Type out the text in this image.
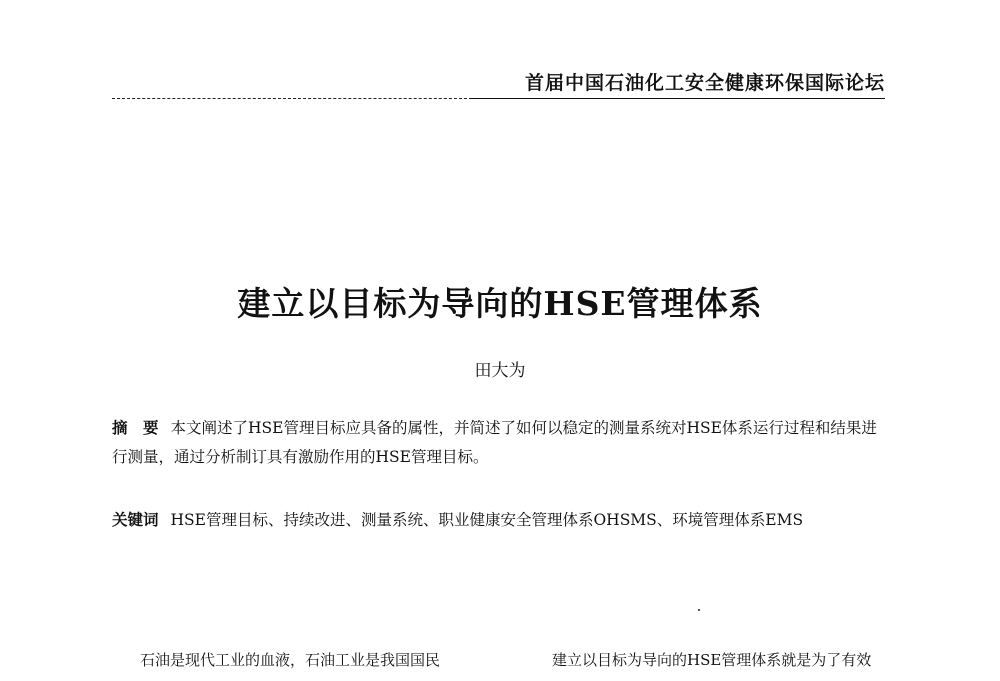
首届中国石油化工安全健康环保国际论坛
建立以目标为导向的HSE管理体系
田大为
摘　要 本文阐述了HSE管理目标应具备的属性，并简述了如何以稳定的测量系统对HSE体系运行过程和结果进行测量，通过分析制订具有激励作用的HSE管理目标。
关键词 HSE管理目标、持续改进、测量系统、职业健康安全管理体系OHSMS、环境管理体系EMS
石油是现代工业的血液，石油工业是我国国民	建立以目标为导向的HSE管理体系就是为了有效
